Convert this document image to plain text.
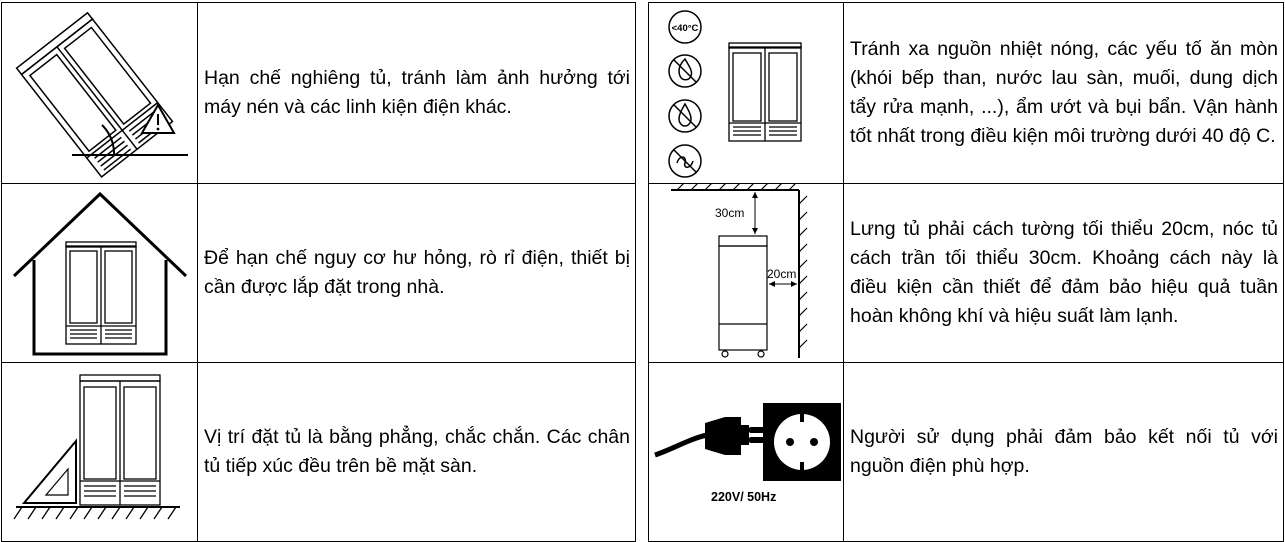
	Hạn chế nghiêng tủ, tránh làm ảnh hưởng tới máy nén và các linh kiện điện khác.

	Để hạn chế nguy cơ hư hỏng, rò rỉ điện, thiết bị cần được lắp đặt trong nhà.

	Vị trí đặt tủ là bằng phẳng, chắc chắn. Các chân tủ tiếp xúc đều trên bề mặt sàn.
<40°C	Tránh xa nguồn nhiệt nóng, các yếu tố ăn mòn (khói bếp than, nước lau sàn, muối, dung dịch tẩy rửa mạnh, ...), ẩm ướt và bụi bẩn. Vận hành tốt nhất trong điều kiện môi trường dưới 40 độ C.

30cm
20cm	Lưng tủ phải cách tường tối thiểu 20cm, nóc tủ cách trần tối thiểu 30cm. Khoảng cách này là điều kiện cần thiết để đảm bảo hiệu quả tuần hoàn không khí và hiệu suất làm lạnh.

220V/ 50Hz	Người sử dụng phải đảm bảo kết nối tủ với nguồn điện phù hợp.
